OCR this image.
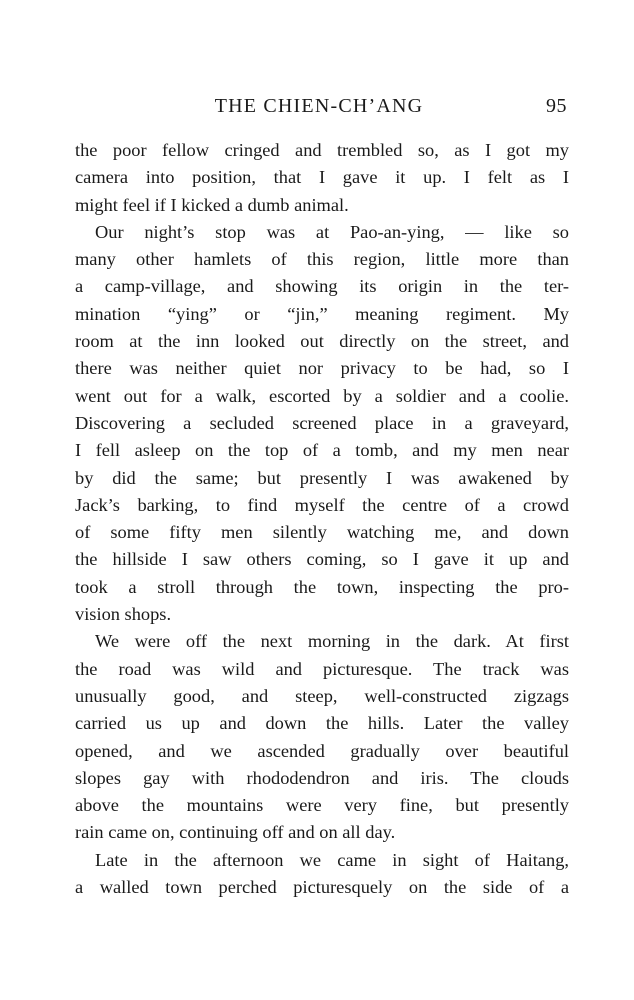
THE CHIEN-CH’ANG	95
the poor fellow cringed and trembled so, as I got my
camera into position, that I gave it up. I felt as I
might feel if I kicked a dumb animal.
Our night’s stop was at Pao-an-ying, — like so
many other hamlets of this region, little more than
a camp-village, and showing its origin in the ter-
mination “ying” or “jin,” meaning regiment. My
room at the inn looked out directly on the street, and
there was neither quiet nor privacy to be had, so I
went out for a walk, escorted by a soldier and a coolie.
Discovering a secluded screened place in a graveyard,
I fell asleep on the top of a tomb, and my men near
by did the same; but presently I was awakened by
Jack’s barking, to find myself the centre of a crowd
of some fifty men silently watching me, and down
the hillside I saw others coming, so I gave it up and
took a stroll through the town, inspecting the pro-
vision shops.
We were off the next morning in the dark. At first
the road was wild and picturesque. The track was
unusually good, and steep, well-constructed zigzags
carried us up and down the hills. Later the valley
opened, and we ascended gradually over beautiful
slopes gay with rhododendron and iris. The clouds
above the mountains were very fine, but presently
rain came on, continuing off and on all day.
Late in the afternoon we came in sight of Haitang,
a walled town perched picturesquely on the side of a
